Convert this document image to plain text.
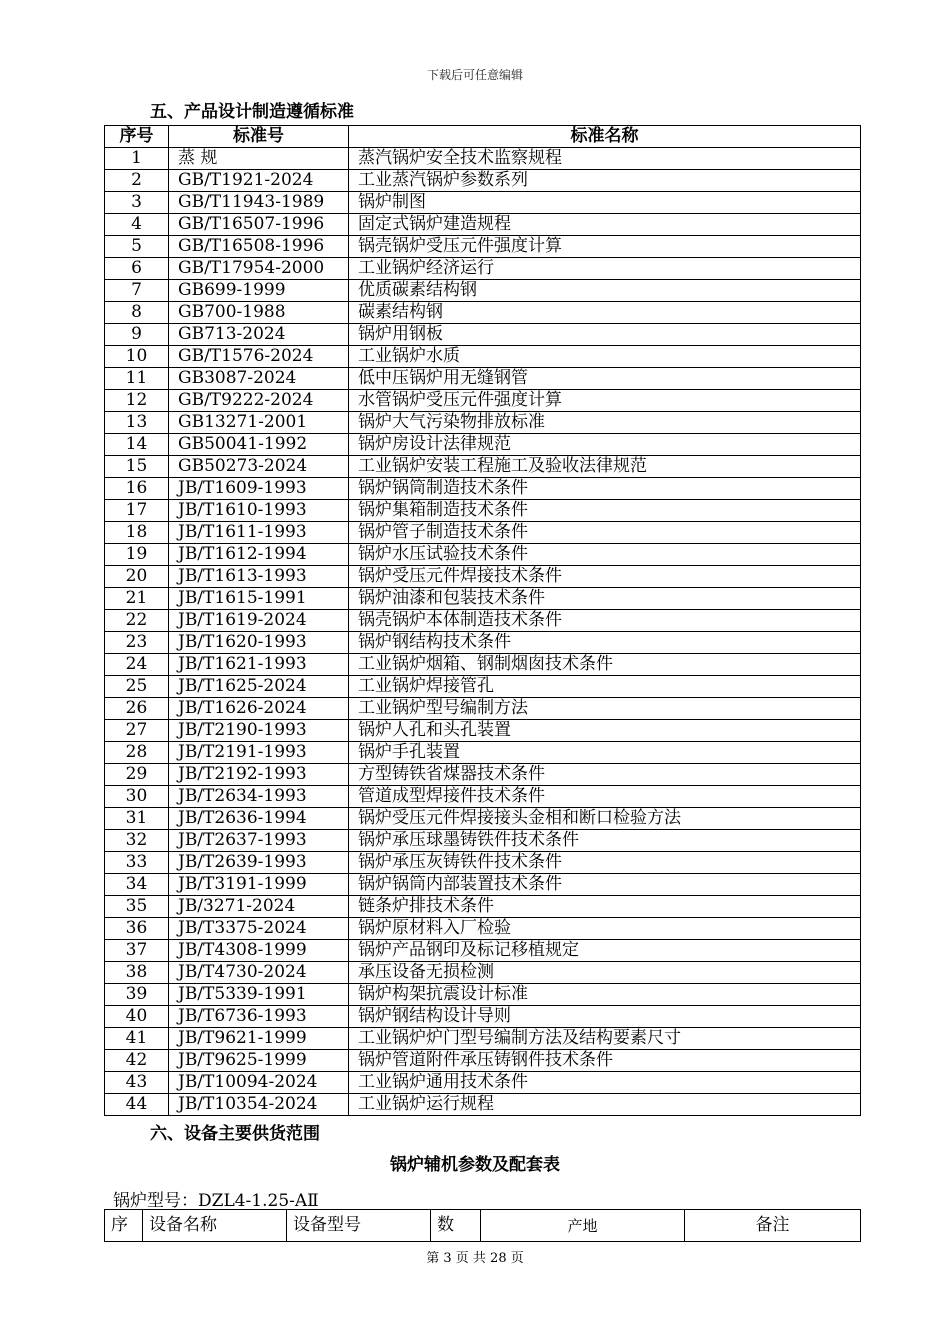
下载后可任意编辑
五、产品设计制造遵循标准
序号	标准号	标准名称
1	蒸 规	蒸汽锅炉安全技术监察规程
2	GB/T1921-2024	工业蒸汽锅炉参数系列
3	GB/T11943-1989	锅炉制图
4	GB/T16507-1996	固定式锅炉建造规程
5	GB/T16508-1996	锅壳锅炉受压元件强度计算
6	GB/T17954-2000	工业锅炉经济运行
7	GB699-1999	优质碳素结构钢
8	GB700-1988	碳素结构钢
9	GB713-2024	锅炉用钢板
10	GB/T1576-2024	工业锅炉水质
11	GB3087-2024	低中压锅炉用无缝钢管
12	GB/T9222-2024	水管锅炉受压元件强度计算
13	GB13271-2001	锅炉大气污染物排放标准
14	GB50041-1992	锅炉房设计法律规范
15	GB50273-2024	工业锅炉安装工程施工及验收法律规范
16	JB/T1609-1993	锅炉锅筒制造技术条件
17	JB/T1610-1993	锅炉集箱制造技术条件
18	JB/T1611-1993	锅炉管子制造技术条件
19	JB/T1612-1994	锅炉水压试验技术条件
20	JB/T1613-1993	锅炉受压元件焊接技术条件
21	JB/T1615-1991	锅炉油漆和包装技术条件
22	JB/T1619-2024	锅壳锅炉本体制造技术条件
23	JB/T1620-1993	锅炉钢结构技术条件
24	JB/T1621-1993	工业锅炉烟箱、钢制烟囱技术条件
25	JB/T1625-2024	工业锅炉焊接管孔
26	JB/T1626-2024	工业锅炉型号编制方法
27	JB/T2190-1993	锅炉人孔和头孔装置
28	JB/T2191-1993	锅炉手孔装置
29	JB/T2192-1993	方型铸铁省煤器技术条件
30	JB/T2634-1993	管道成型焊接件技术条件
31	JB/T2636-1994	锅炉受压元件焊接接头金相和断口检验方法
32	JB/T2637-1993	锅炉承压球墨铸铁件技术条件
33	JB/T2639-1993	锅炉承压灰铸铁件技术条件
34	JB/T3191-1999	锅炉锅筒内部装置技术条件
35	JB/3271-2024	链条炉排技术条件
36	JB/T3375-2024	锅炉原材料入厂检验
37	JB/T4308-1999	锅炉产品钢印及标记移植规定
38	JB/T4730-2024	承压设备无损检测
39	JB/T5339-1991	锅炉构架抗震设计标准
40	JB/T6736-1993	锅炉钢结构设计导则
41	JB/T9621-1999	工业锅炉炉门型号编制方法及结构要素尺寸
42	JB/T9625-1999	锅炉管道附件承压铸钢件技术条件
43	JB/T10094-2024	工业锅炉通用技术条件
44	JB/T10354-2024	工业锅炉运行规程
六、设备主要供货范围
锅炉辅机参数及配套表
锅炉型号：DZL4-1.25-AⅡ
序	设备名称	设备型号	数	产地	备注
第 3 页 共 28 页
